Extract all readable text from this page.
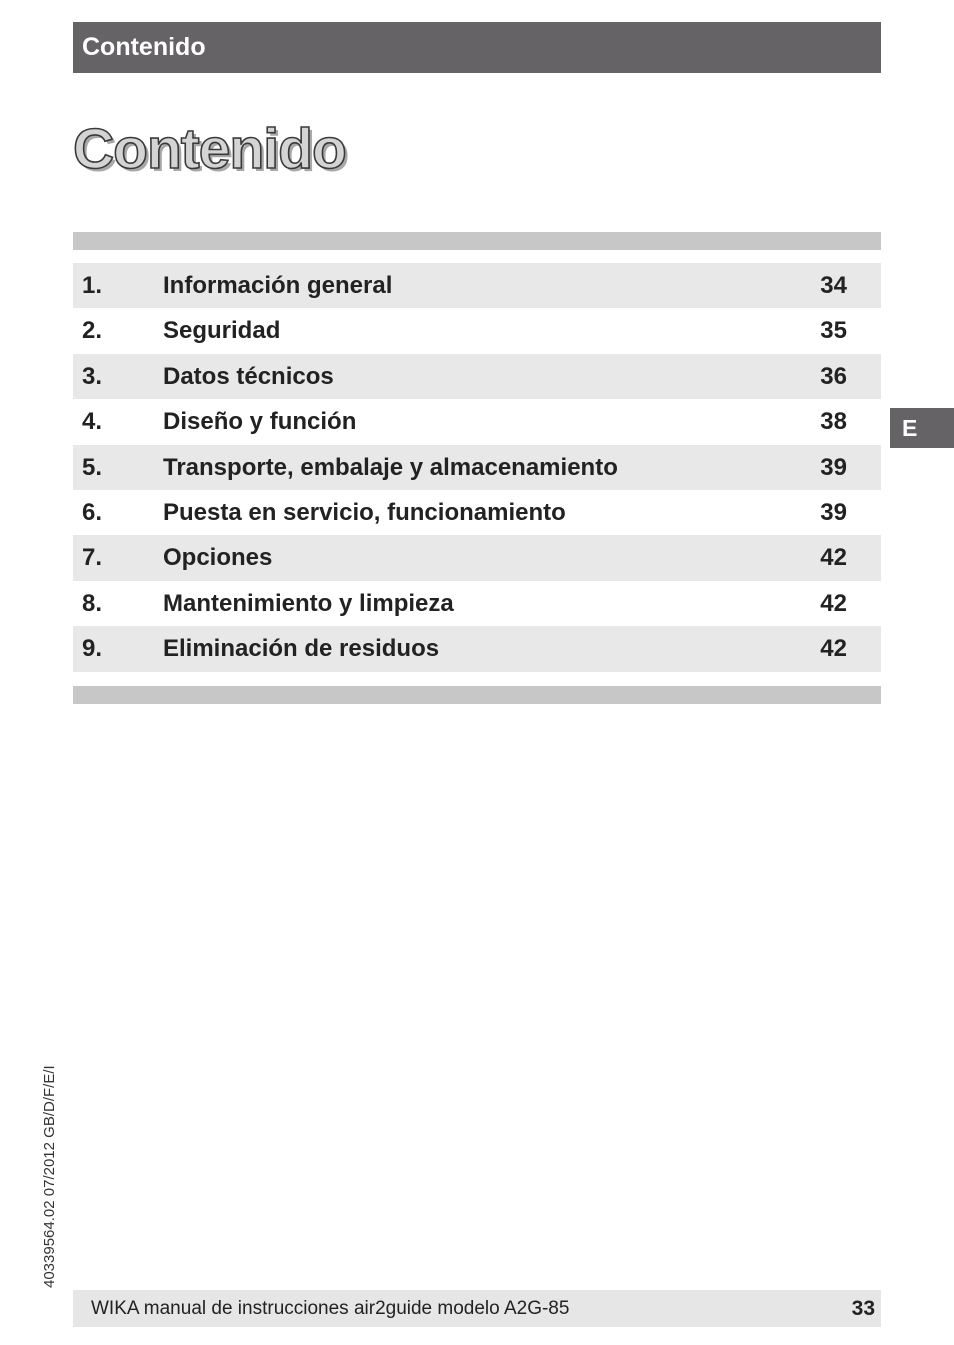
Contenido
Contenido
1.	Información general	34
2.	Seguridad	35
3.	Datos técnicos	36
4.	Diseño y función	38
5.	Transporte, embalaje y almacenamiento	39
6.	Puesta en servicio, funcionamiento	39
7.	Opciones	42
8.	Mantenimiento y limpieza	42
9.	Eliminación de residuos	42
E
40339564.02 07/2012 GB/D/F/E/I
WIKA manual de instrucciones air2guide modelo A2G-85	33
